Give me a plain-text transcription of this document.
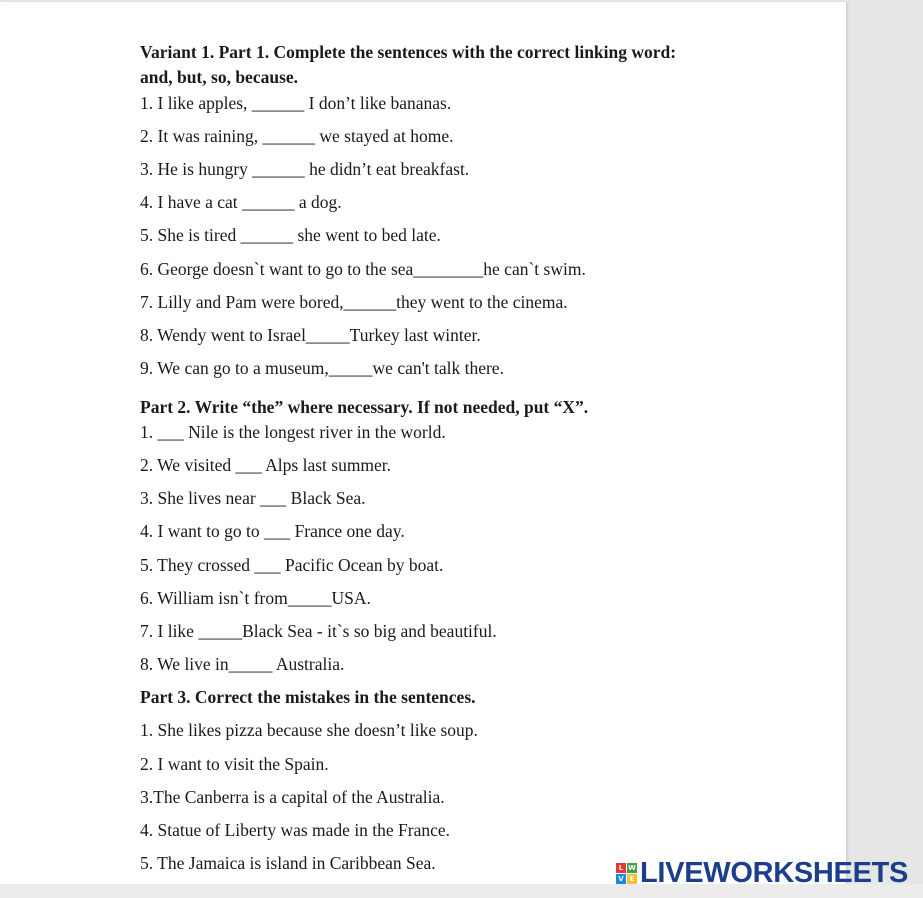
Variant 1. Part 1. Complete the sentences with the correct linking word:
and, but, so, because.
1. I like apples, ______ I don’t like bananas.
2. It was raining, ______ we stayed at home.
3. He is hungry ______ he didn’t eat breakfast.
4. I have a cat ______ a dog.
5. She is tired ______ she went to bed late.
6. George doesn`t want to go to the sea________he can`t swim.
7. Lilly and Pam were bored,______they went to the cinema.
8. Wendy went to Israel_____Turkey last winter.
9. We can go to a museum,_____we can't talk there.
Part 2. Write “the” where necessary. If not needed, put “X”.
1. ___ Nile is the longest river in the world.
2. We visited ___ Alps last summer.
3. She lives near ___ Black Sea.
4. I want to go to ___ France one day.
5. They crossed ___ Pacific Ocean by boat.
6. William isn`t from_____USA.
7. I like _____Black Sea - it`s so big and beautiful.
8. We live in_____ Australia.
Part 3. Correct the mistakes in the sentences.
1. She likes pizza because she doesn’t like soup.
2. I want to visit the Spain.
3.The Canberra is a capital of the Australia.
4. Statue of Liberty was made in the France.
5. The Jamaica is island in Caribbean Sea.	L W
V E LIVEWORKSHEETS
